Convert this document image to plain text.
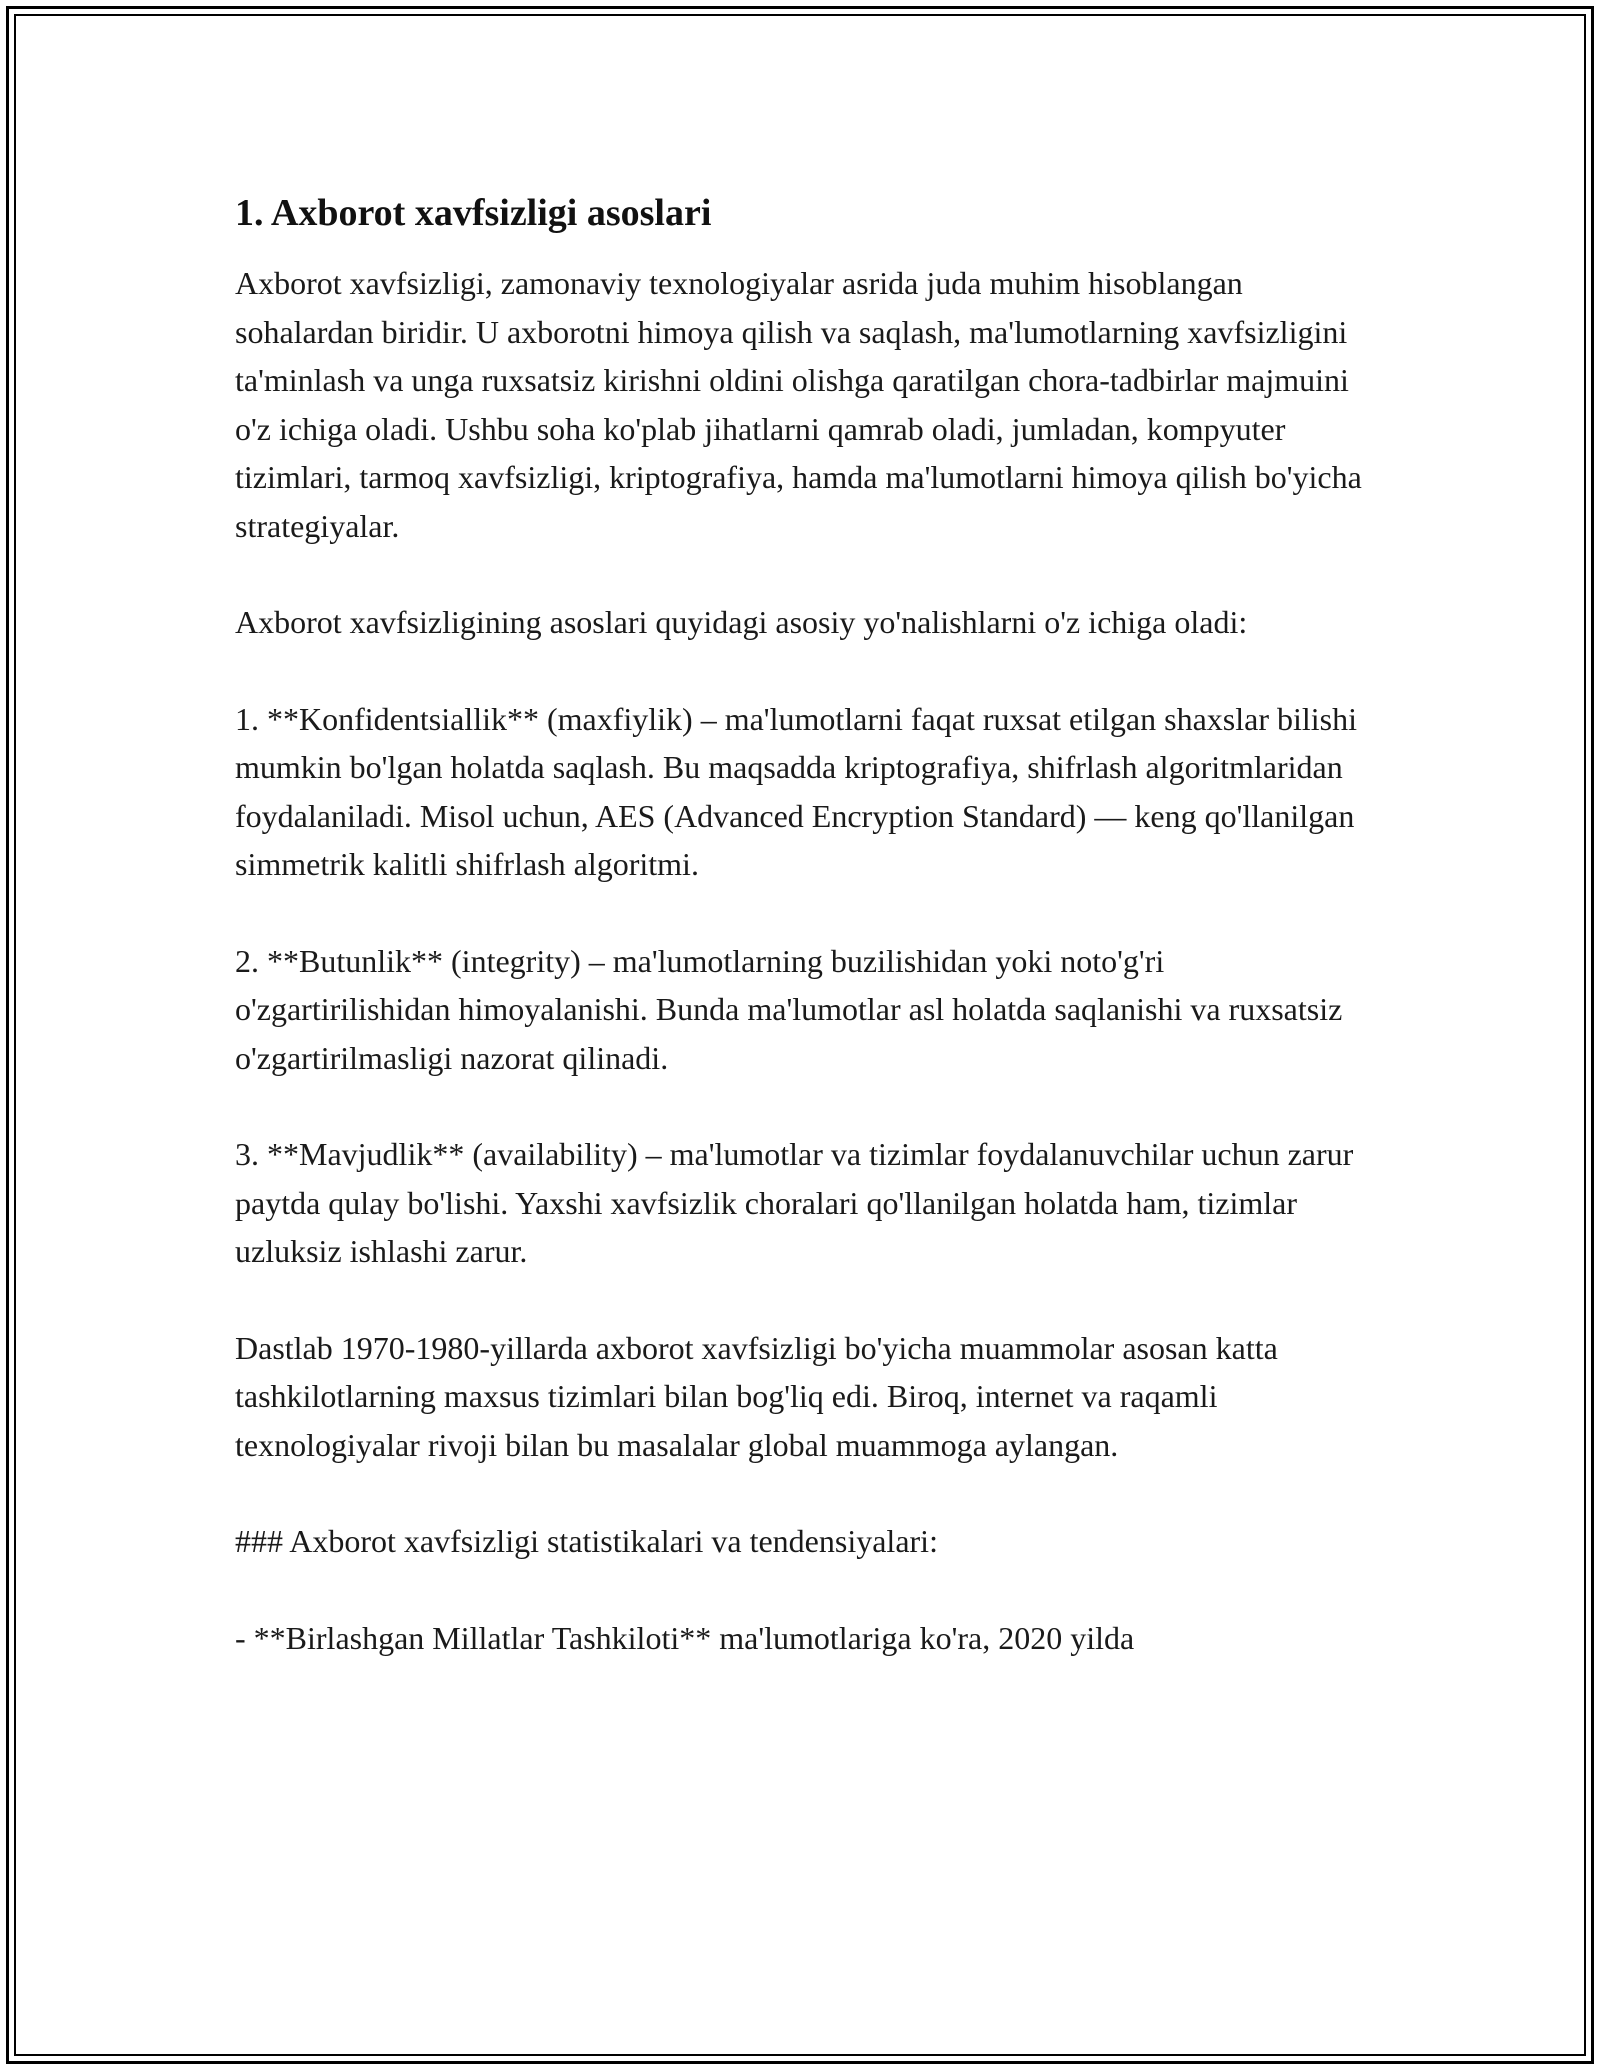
1. Axborot xavfsizligi asoslari

Axborot xavfsizligi, zamonaviy texnologiyalar asrida juda muhim hisoblangan sohalardan biridir. U axborotni himoya qilish va saqlash, ma'lumotlarning xavfsizligini ta'minlash va unga ruxsatsiz kirishni oldini olishga qaratilgan chora-tadbirlar majmuini o'z ichiga oladi. Ushbu soha ko'plab jihatlarni qamrab oladi, jumladan, kompyuter tizimlari, tarmoq xavfsizligi, kriptografiya, hamda ma'lumotlarni himoya qilish bo'yicha strategiyalar.

Axborot xavfsizligining asoslari quyidagi asosiy yo'nalishlarni o'z ichiga oladi:

1. **Konfidentsiallik** (maxfiylik) – ma'lumotlarni faqat ruxsat etilgan shaxslar bilishi mumkin bo'lgan holatda saqlash. Bu maqsadda kriptografiya, shifrlash algoritmlaridan foydalaniladi. Misol uchun, AES (Advanced Encryption Standard) — keng qo'llanilgan simmetrik kalitli shifrlash algoritmi.

2. **Butunlik** (integrity) – ma'lumotlarning buzilishidan yoki noto'g'ri o'zgartirilishidan himoyalanishi. Bunda ma'lumotlar asl holatda saqlanishi va ruxsatsiz o'zgartirilmasligi nazorat qilinadi.

3. **Mavjudlik** (availability) – ma'lumotlar va tizimlar foydalanuvchilar uchun zarur paytda qulay bo'lishi. Yaxshi xavfsizlik choralari qo'llanilgan holatda ham, tizimlar uzluksiz ishlashi zarur.

Dastlab 1970-1980-yillarda axborot xavfsizligi bo'yicha muammolar asosan katta tashkilotlarning maxsus tizimlari bilan bog'liq edi. Biroq, internet va raqamli texnologiyalar rivoji bilan bu masalalar global muammoga aylangan.

### Axborot xavfsizligi statistikalari va tendensiyalari:

- **Birlashgan Millatlar Tashkiloti** ma'lumotlariga ko'ra, 2020 yilda
